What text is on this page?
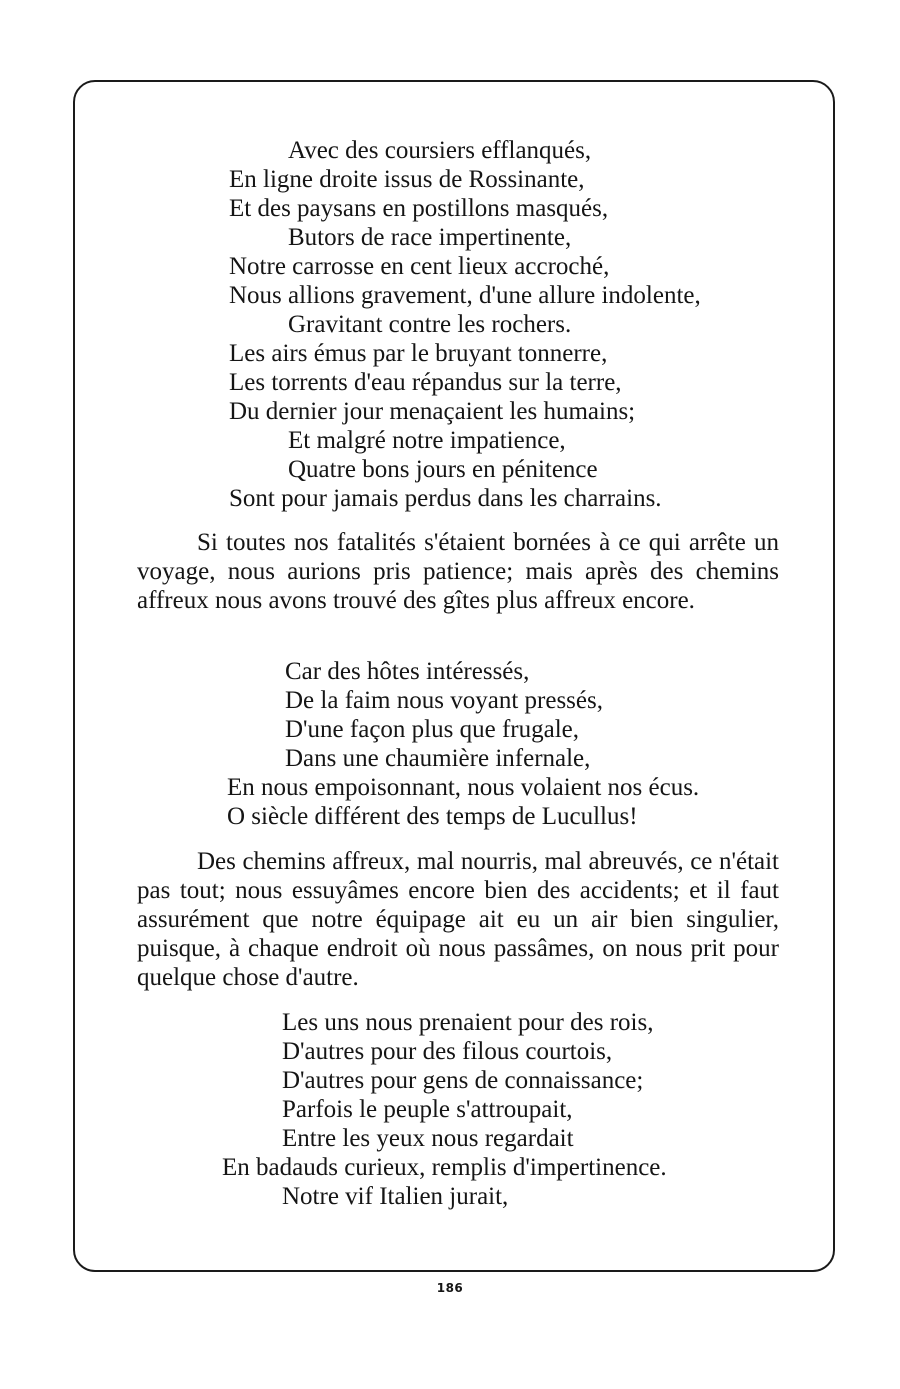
Avec des coursiers efflanqués,
En ligne droite issus de Rossinante,
Et des paysans en postillons masqués,
Butors de race impertinente,
Notre carrosse en cent lieux accroché,
Nous allions gravement, d'une allure indolente,
Gravitant contre les rochers.
Les airs émus par le bruyant tonnerre,
Les torrents d'eau répandus sur la terre,
Du dernier jour menaçaient les humains;
Et malgré notre impatience,
Quatre bons jours en pénitence
Sont pour jamais perdus dans les charrains.

Si toutes nos fatalités s'étaient bornées à ce qui arrête un voyage, nous aurions pris patience; mais après des chemins affreux nous avons trouvé des gîtes plus affreux encore.

Car des hôtes intéressés,
De la faim nous voyant pressés,
D'une façon plus que frugale,
Dans une chaumière infernale,
En nous empoisonnant, nous volaient nos écus.
O siècle différent des temps de Lucullus!

Des chemins affreux, mal nourris, mal abreuvés, ce n'était pas tout; nous essuyâmes encore bien des accidents; et il faut assurément que notre équipage ait eu un air bien singulier, puisque, à chaque endroit où nous passâmes, on nous prit pour quelque chose d'autre.

Les uns nous prenaient pour des rois,
D'autres pour des filous courtois,
D'autres pour gens de connaissance;
Parfois le peuple s'attroupait,
Entre les yeux nous regardait
En badauds curieux, remplis d'impertinence.
Notre vif Italien jurait,
186
